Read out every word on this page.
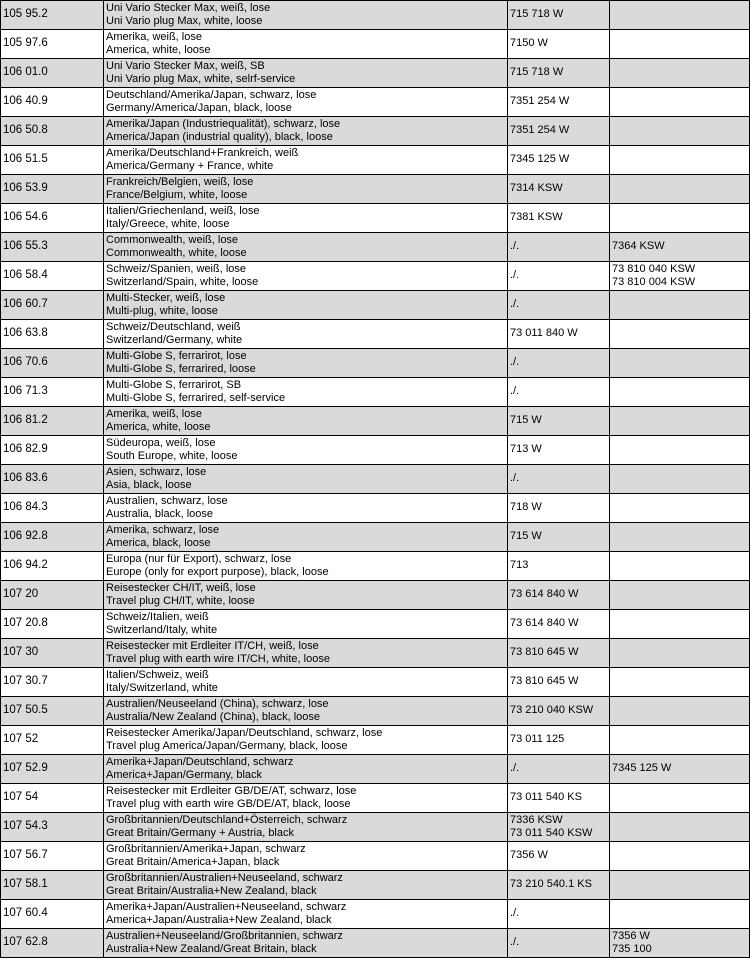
105 95.2	Uni Vario Stecker Max, weiß, lose
Uni Vario plug Max, white, loose	715 718 W	

105 97.6	Amerika, weiß, lose
America, white, loose	7150 W	

106 01.0	Uni Vario Stecker Max, weiß, SB
Uni Vario plug Max, white, selrf-service	715 718 W	

106 40.9	Deutschland/Amerika/Japan, schwarz, lose
Germany/America/Japan, black, loose	7351 254 W	

106 50.8	Amerika/Japan (Industriequalität), schwarz, lose
America/Japan (industrial quality), black, loose	7351 254 W	

106 51.5	Amerika/Deutschland+Frankreich, weiß
America/Germany + France, white	7345 125 W	

106 53.9	Frankreich/Belgien, weiß, lose
France/Belgium, white, loose	7314 KSW	

106 54.6	Italien/Griechenland, weiß, lose
Italy/Greece, white, loose	7381 KSW	

106 55.3	Commonwealth, weiß, lose
Commonwealth, white, loose	./.	7364 KSW

106 58.4	Schweiz/Spanien, weiß, lose
Switzerland/Spain, white, loose	./.	73 810 040 KSW
73 810 004 KSW

106 60.7	Multi-Stecker, weiß, lose
Multi-plug, white, loose	./.	

106 63.8	Schweiz/Deutschland, weiß
Switzerland/Germany, white	73 011 840 W	

106 70.6	Multi-Globe S, ferrarirot, lose
Multi-Globe S, ferrarired, loose	./.	

106 71.3	Multi-Globe S, ferrarirot, SB
Multi-Globe S, ferrarired, self-service	./.	

106 81.2	Amerika, weiß, lose
America, white, loose	715 W	

106 82.9	Südeuropa, weiß, lose
South Europe, white, loose	713 W	

106 83.6	Asien, schwarz, lose
Asia, black, loose	./.	

106 84.3	Australien, schwarz, lose
Australia, black, loose	718 W	

106 92.8	Amerika, schwarz, lose
America, black, loose	715 W	

106 94.2	Europa (nur für Export), schwarz, lose
Europe (only for export purpose), black, loose	713	

107 20	Reisestecker CH/IT, weiß, lose
Travel plug CH/IT, white, loose	73 614 840 W	

107 20.8	Schweiz/Italien, weiß
Switzerland/Italy, white	73 614 840 W	

107 30	Reisestecker mit Erdleiter IT/CH, weiß, lose
Travel plug with earth wire IT/CH, white, loose	73 810 645 W	

107 30.7	Italien/Schweiz, weiß
Italy/Switzerland, white	73 810 645 W	

107 50.5	Australien/Neuseeland (China), schwarz, lose
Australia/New Zealand (China), black, loose	73 210 040 KSW	

107 52	Reisestecker Amerika/Japan/Deutschland, schwarz, lose
Travel plug America/Japan/Germany, black, loose	73 011 125	

107 52.9	Amerika+Japan/Deutschland, schwarz
America+Japan/Germany, black	./.	7345 125 W

107 54	Reisestecker mit Erdleiter GB/DE/AT, schwarz, lose
Travel plug with earth wire GB/DE/AT, black, loose	73 011 540 KS	

107 54.3	Großbritannien/Deutschland+Österreich, schwarz
Great Britain/Germany + Austria, black	7336 KSW
73 011 540 KSW	

107 56.7	Großbritannien/Amerika+Japan, schwarz
Great Britain/America+Japan, black	7356 W	

107 58.1	Großbritannien/Australien+Neuseeland, schwarz
Great Britain/Australia+New Zealand, black	73 210 540.1 KS	

107 60.4	Amerika+Japan/Australien+Neuseeland, schwarz
America+Japan/Australia+New Zealand, black	./.	

107 62.8	Australien+Neuseeland/Großbritannien, schwarz
Australia+New Zealand/Great Britain, black	./.	7356 W
735 100
